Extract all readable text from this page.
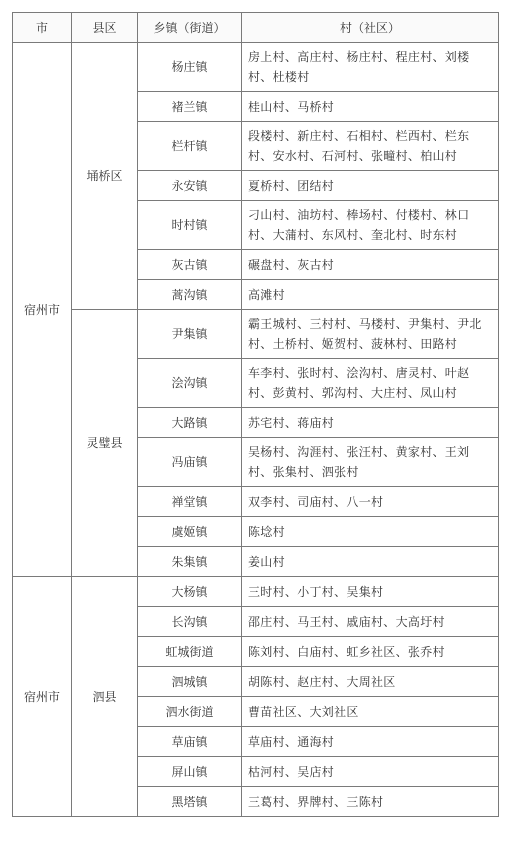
市	县区	乡镇（街道）	村（社区）
宿州市	埇桥区	杨庄镇	房上村、高庄村、杨庄村、程庄村、刘楼村、杜楼村
		褚兰镇	桂山村、马桥村
		栏杆镇	段楼村、新庄村、石相村、栏西村、栏东村、安水村、石河村、张疃村、柏山村
		永安镇	夏桥村、团结村
		时村镇	刁山村、油坊村、棒场村、付楼村、林口村、大蒲村、东风村、奎北村、时东村
		灰古镇	碾盘村、灰古村
		蒿沟镇	高滩村
	灵璧县	尹集镇	霸王城村、三村村、马楼村、尹集村、尹北村、土桥村、姬贺村、菠林村、田路村
		浍沟镇	车李村、张时村、浍沟村、唐灵村、叶赵村、彭黄村、郭沟村、大庄村、凤山村
		大路镇	苏宅村、蒋庙村
		冯庙镇	吴杨村、沟涯村、张汪村、黄家村、王刘村、张集村、泗张村
		禅堂镇	双李村、司庙村、八一村
		虞姬镇	陈埝村
		朱集镇	姜山村
宿州市	泗县	大杨镇	三时村、小丁村、吴集村
		长沟镇	邵庄村、马王村、戚庙村、大高圩村
		虹城街道	陈刘村、白庙村、虹乡社区、张乔村
		泗城镇	胡陈村、赵庄村、大周社区
		泗水街道	曹苗社区、大刘社区
		草庙镇	草庙村、通海村
		屏山镇	枯河村、吴店村
		黑塔镇	三葛村、界牌村、三陈村
